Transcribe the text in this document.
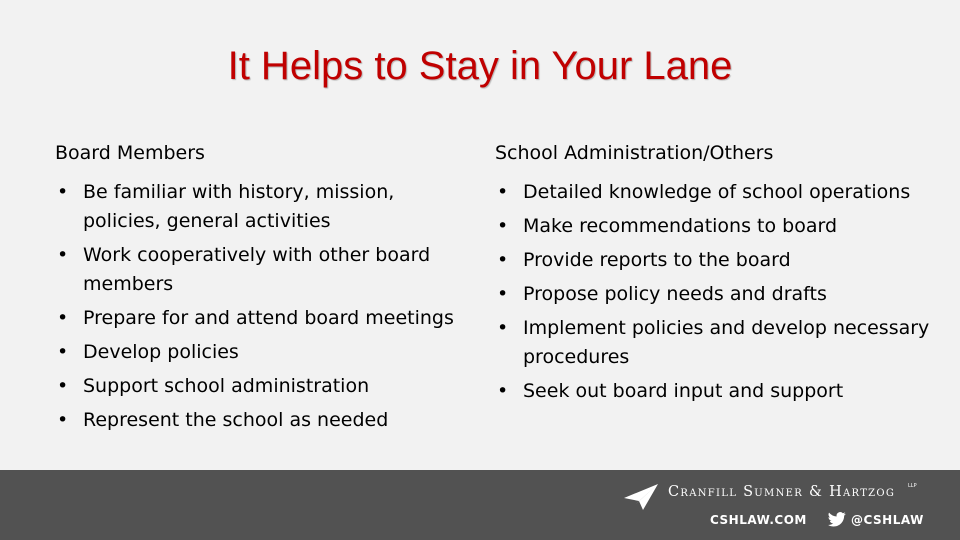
It Helps to Stay in Your Lane
Board Members
• Be familiar with history, mission, policies, general activities
• Work cooperatively with other board members
• Prepare for and attend board meetings
• Develop policies
• Support school administration
• Represent the school as needed
School Administration/Others
• Detailed knowledge of school operations
• Make recommendations to board
• Provide reports to the board
• Propose policy needs and drafts
• Implement policies and develop necessary procedures
• Seek out board input and support
Cranfill Sumner & Hartzog	LLP
CSHLAW.COM	@CSHLAW
